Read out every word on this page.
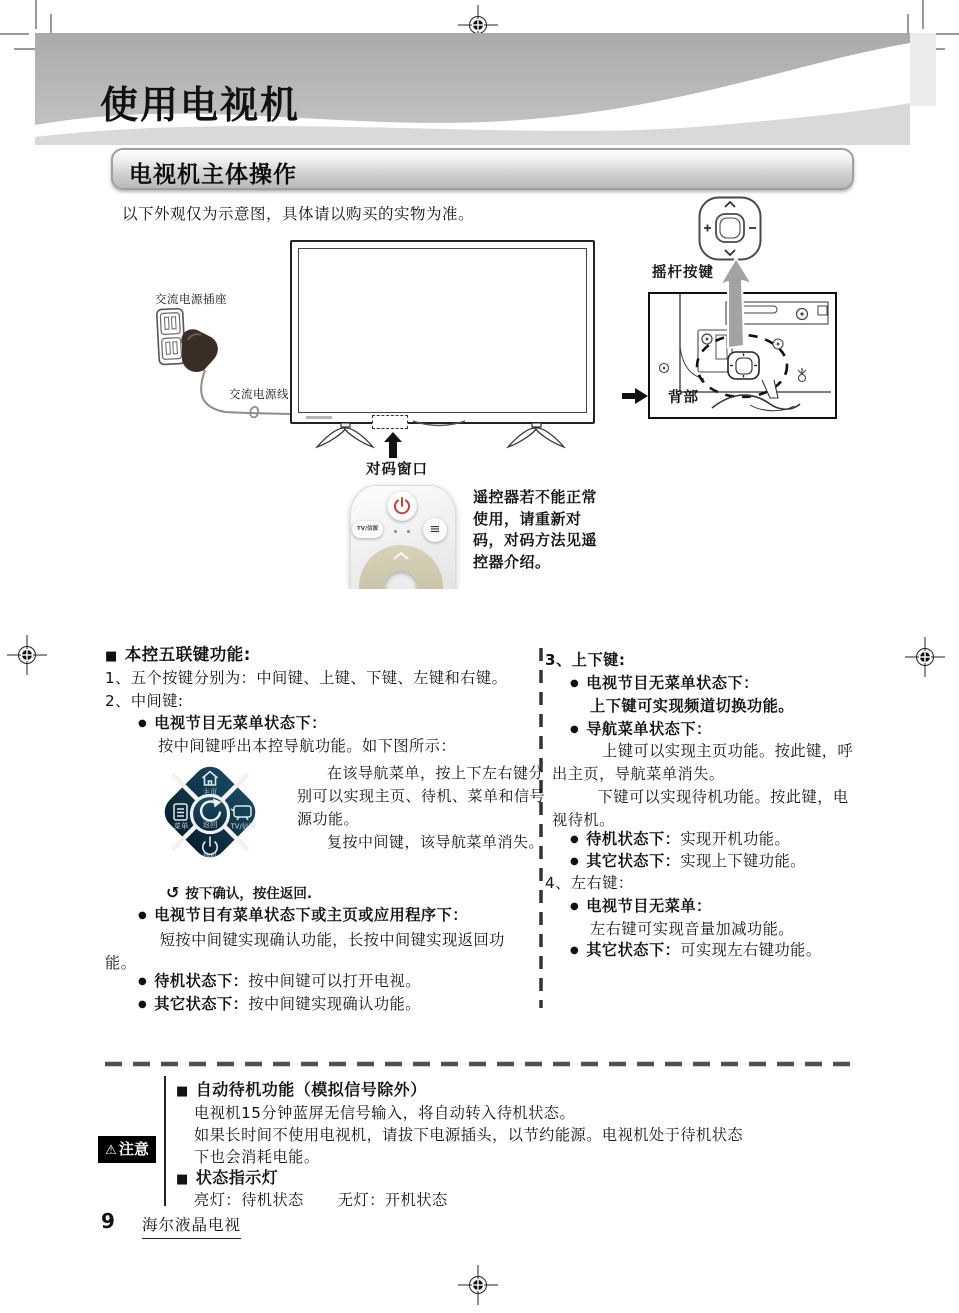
使用电视机
电视机主体操作
以下外观仅为示意图，具体请以购买的实物为准。
交流电源插座
交流电源线
对码窗口
摇杆按键
背部
TV/信源	≡
遥控器若不能正常使用，请重新对码，对码方法见遥控器介绍。
■ 本控五联键功能:
1、五个按键分别为：中间键、上键、下键、左键和右键。
2、中间键:
● 电视节目无菜单状态下：
按中间键呼出本控导航功能。如下图所示：
主页
菜单	TV/信源
待机
返回
↺ 按下确认，按住返回.

在该导航菜单，按上下左右键分别可以实现主页、待机、菜单和信号源功能。

复按中间键，该导航菜单消失。

● 电视节目有菜单状态下或主页或应用程序下：
短按中间键实现确认功能，长按中间键实现返回功能。
● 待机状态下：按中间键可以打开电视。
● 其它状态下：按中间键实现确认功能。
3、上下键:
● 电视节目无菜单状态下：
上下键可实现频道切换功能。
● 导航菜单状态下：

上键可以实现主页功能。按此键，呼出主页，导航菜单消失。

下键可以实现待机功能。按此键，电视待机。

● 待机状态下：实现开机功能。
● 其它状态下：实现上下键功能。
4、左右键：
● 电视节目无菜单：
左右键可实现音量加减功能。
● 其它状态下：可实现左右键功能。
⚠ 注意
■ 自动待机功能（模拟信号除外）
电视机15分钟蓝屏无信号输入，将自动转入待机状态。
如果长时间不使用电视机，请拔下电源插头，以节约能源。电视机处于待机状态
下也会消耗电能。
■ 状态指示灯
亮灯：待机状态 无灯：开机状态
9 海尔液晶电视
